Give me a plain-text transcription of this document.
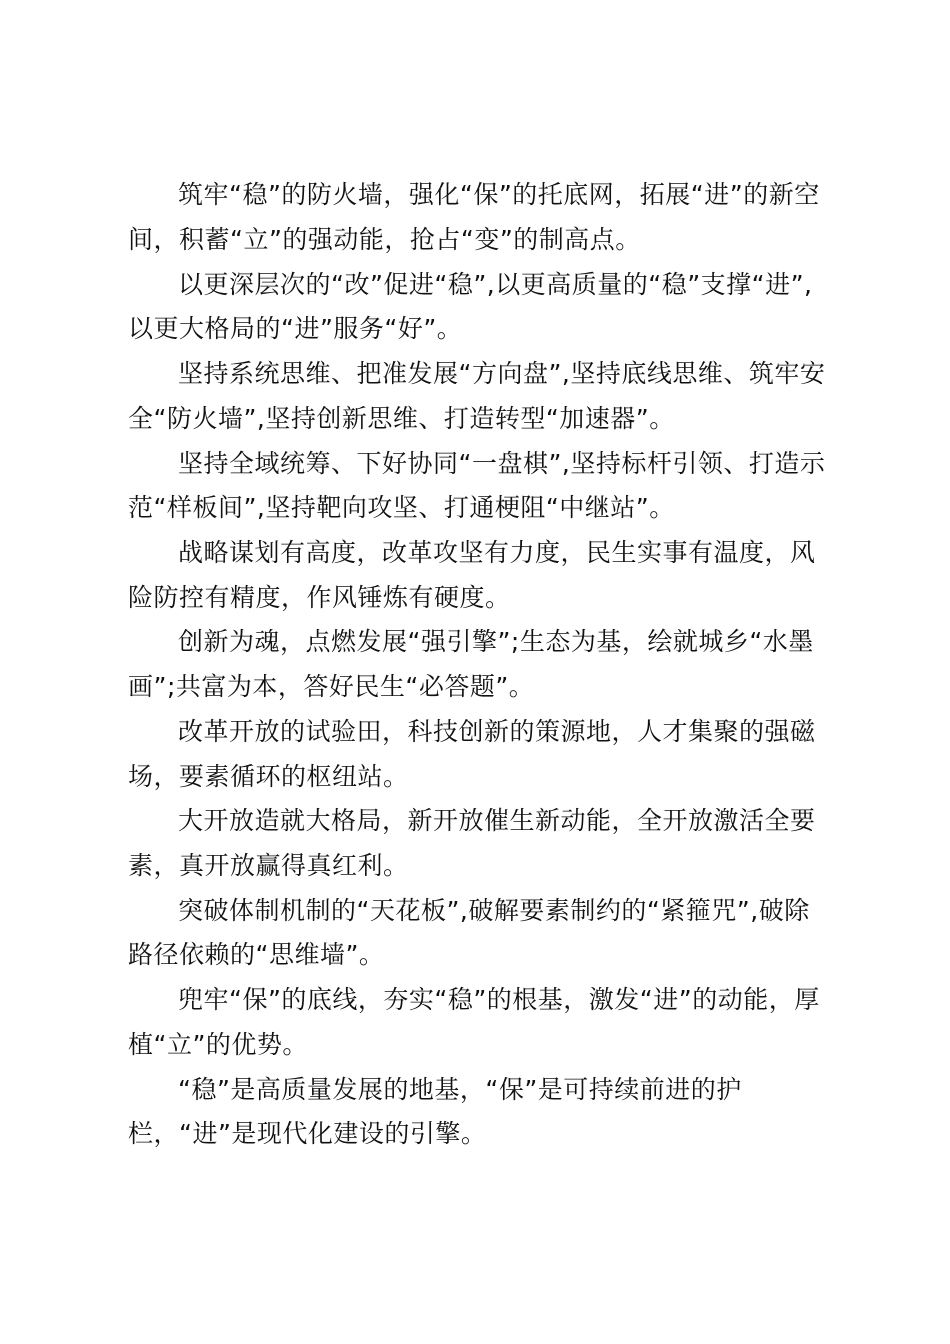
筑牢“稳”的防火墙，强化“保”的托底网，拓展“进”的新空
间，积蓄“立”的强动能，抢占“变”的制高点。
以更深层次的“改”促进“稳”,以更高质量的“稳”支撑“进”,
以更大格局的“进”服务“好”。
坚持系统思维、把准发展“方向盘”,坚持底线思维、筑牢安
全“防火墙”,坚持创新思维、打造转型“加速器”。
坚持全域统筹、下好协同“一盘棋”,坚持标杆引领、打造示
范“样板间”,坚持靶向攻坚、打通梗阻“中继站”。
战略谋划有高度，改革攻坚有力度，民生实事有温度，风
险防控有精度，作风锤炼有硬度。
创新为魂，点燃发展“强引擎”;生态为基，绘就城乡“水墨
画”;共富为本，答好民生“必答题”。
改革开放的试验田，科技创新的策源地，人才集聚的强磁
场，要素循环的枢纽站。
大开放造就大格局，新开放催生新动能，全开放激活全要
素，真开放赢得真红利。
突破体制机制的“天花板”,破解要素制约的“紧箍咒”,破除
路径依赖的“思维墙”。
兜牢“保”的底线，夯实“稳”的根基，激发“进”的动能，厚
植“立”的优势。
“稳”是高质量发展的地基，“保”是可持续前进的护
栏，“进”是现代化建设的引擎。
